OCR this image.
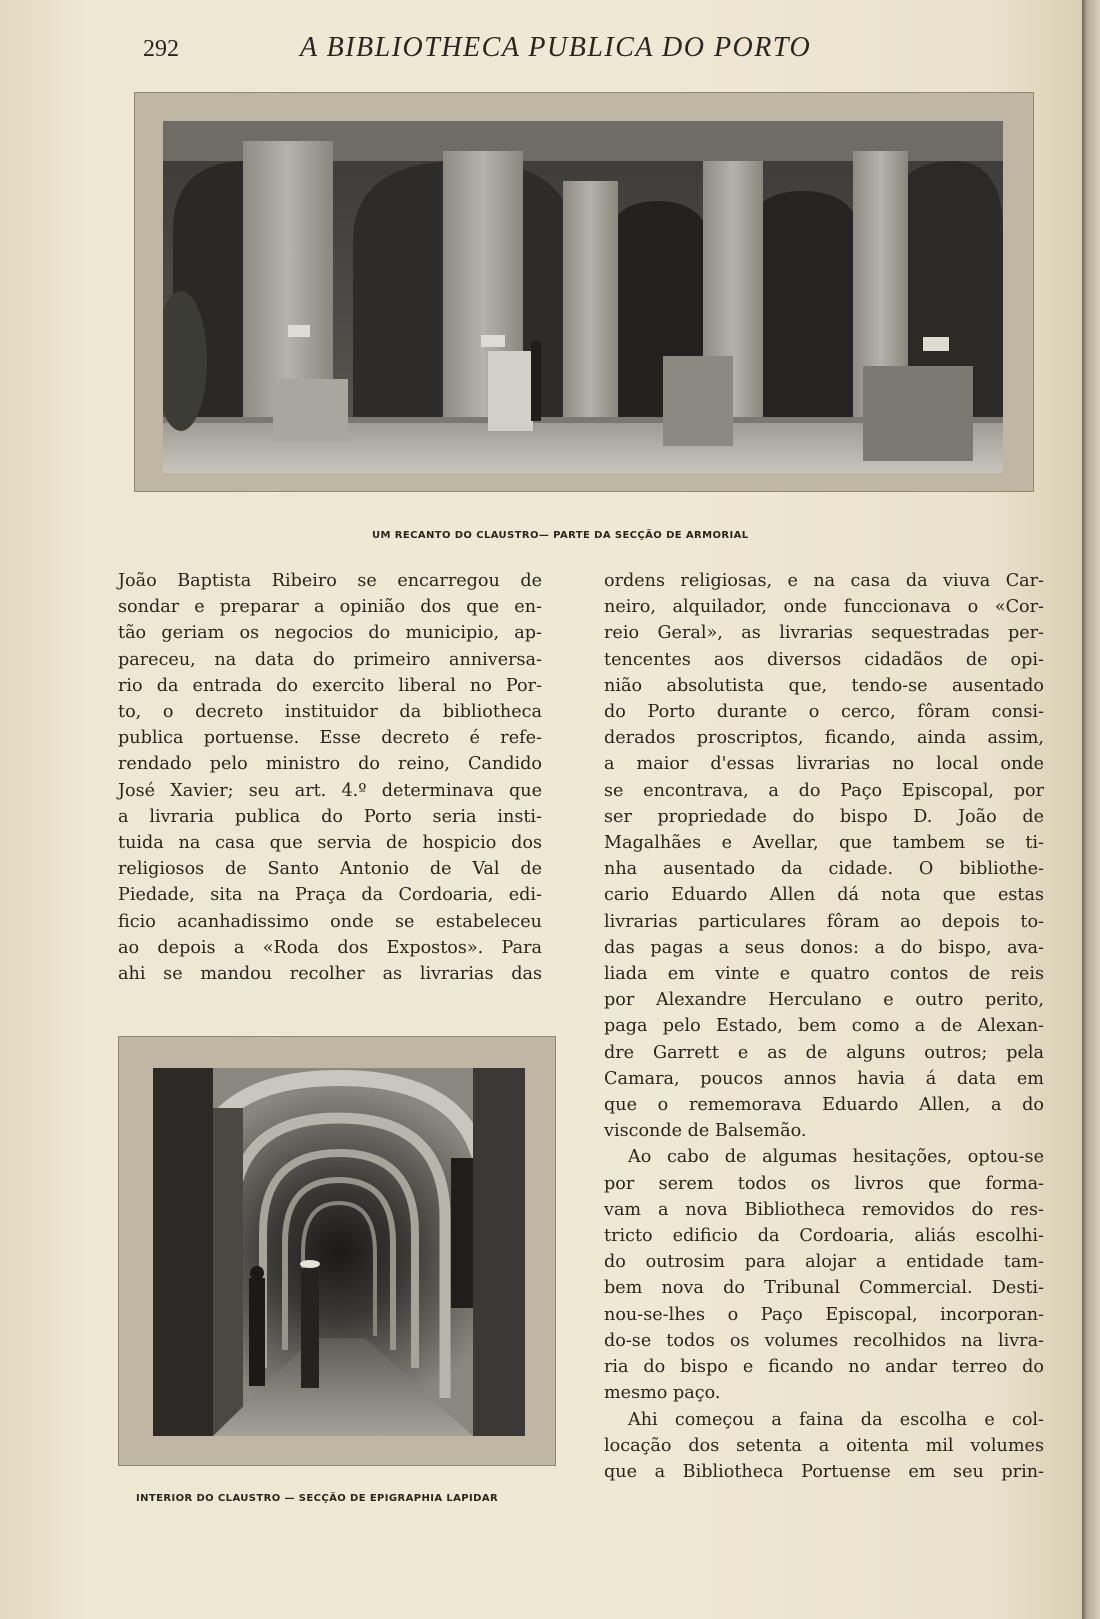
292	A BIBLIOTHECA PUBLICA DO PORTO
UM RECANTO DO CLAUSTRO— PARTE DA SECÇÃO DE ARMORIAL
João Baptista Ribeiro se encarregou de
sondar e preparar a opinião dos que en-
tão geriam os negocios do municipio, ap-
pareceu, na data do primeiro anniversa-
rio da entrada do exercito liberal no Por-
to, o decreto instituidor da bibliotheca
publica portuense. Esse decreto é refe-
rendado pelo ministro do reino, Candido
José Xavier; seu art. 4.º determinava que
a livraria publica do Porto seria insti-
tuida na casa que servia de hospicio dos
religiosos de Santo Antonio de Val de
Piedade, sita na Praça da Cordoaria, edi-
ficio acanhadissimo onde se estabeleceu
ao depois a «Roda dos Expostos». Para
ahi se mandou recolher as livrarias das
INTERIOR DO CLAUSTRO — SECÇÃO DE EPIGRAPHIA LAPIDAR
ordens religiosas, e na casa da viuva Car-
neiro, alquilador, onde funccionava o «Cor-
reio Geral», as livrarias sequestradas per-
tencentes aos diversos cidadãos de opi-
nião absolutista que, tendo-se ausentado
do Porto durante o cerco, fôram consi-
derados proscriptos, ficando, ainda assim,
a maior d'essas livrarias no local onde
se encontrava, a do Paço Episcopal, por
ser propriedade do bispo D. João de
Magalhães e Avellar, que tambem se ti-
nha ausentado da cidade. O bibliothe-
cario Eduardo Allen dá nota que estas
livrarias particulares fôram ao depois to-
das pagas a seus donos: a do bispo, ava-
liada em vinte e quatro contos de reis
por Alexandre Herculano e outro perito,
paga pelo Estado, bem como a de Alexan-
dre Garrett e as de alguns outros; pela
Camara, poucos annos havia á data em
que o rememorava Eduardo Allen, a do
visconde de Balsemão.
Ao cabo de algumas hesitações, optou-se
por serem todos os livros que forma-
vam a nova Bibliotheca removidos do res-
tricto edificio da Cordoaria, aliás escolhi-
do outrosim para alojar a entidade tam-
bem nova do Tribunal Commercial. Desti-
nou-se-lhes o Paço Episcopal, incorporan-
do-se todos os volumes recolhidos na livra-
ria do bispo e ficando no andar terreo do
mesmo paço.
Ahi começou a faina da escolha e col-
locação dos setenta a oitenta mil volumes
que a Bibliotheca Portuense em seu prin-
